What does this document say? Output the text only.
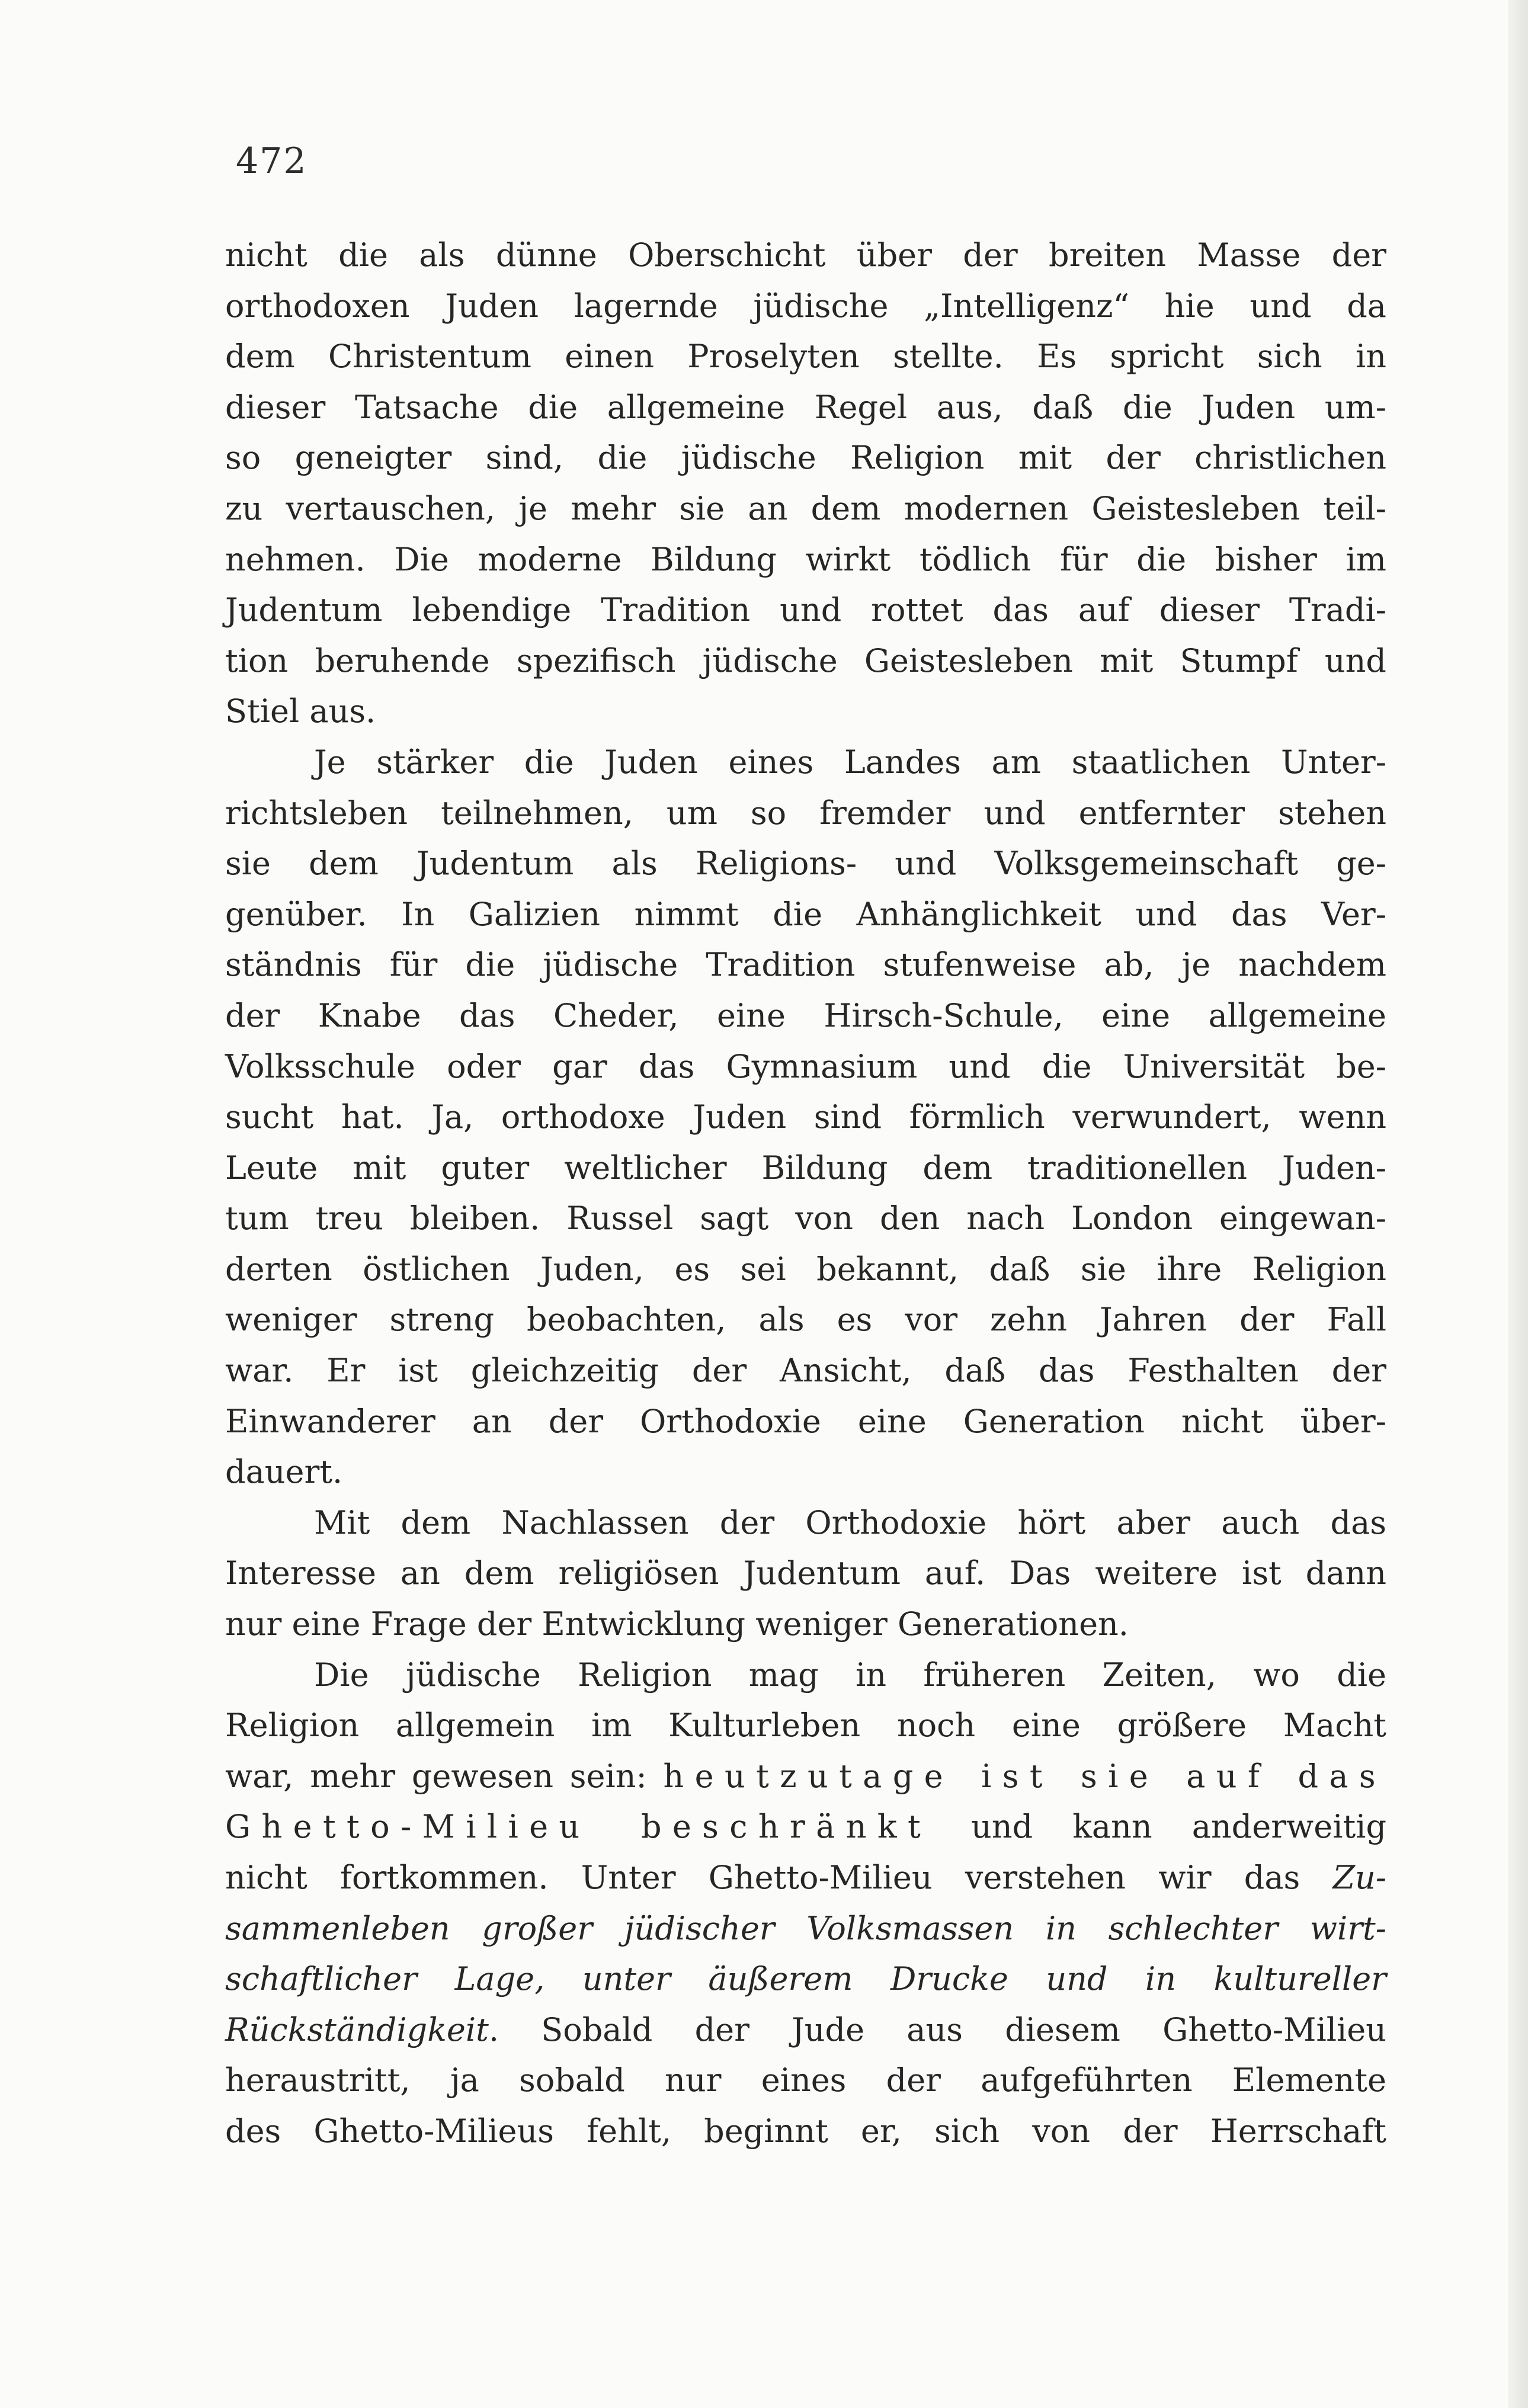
472
nicht die als dünne Oberschicht über der breiten Masse der
orthodoxen Juden lagernde jüdische „Intelligenz“ hie und da
dem Christentum einen Proselyten stellte. Es spricht sich in
dieser Tatsache die allgemeine Regel aus, daß die Juden um-
so geneigter sind, die jüdische Religion mit der christlichen
zu vertauschen, je mehr sie an dem modernen Geistesleben teil-
nehmen. Die moderne Bildung wirkt tödlich für die bisher im
Judentum lebendige Tradition und rottet das auf dieser Tradi-
tion beruhende spezifisch jüdische Geistesleben mit Stumpf und
Stiel aus.
Je stärker die Juden eines Landes am staatlichen Unter-
richtsleben teilnehmen, um so fremder und entfernter stehen
sie dem Judentum als Religions- und Volksgemeinschaft ge-
genüber. In Galizien nimmt die Anhänglichkeit und das Ver-
ständnis für die jüdische Tradition stufenweise ab, je nachdem
der Knabe das Cheder, eine Hirsch-Schule, eine allgemeine
Volksschule oder gar das Gymnasium und die Universität be-
sucht hat. Ja, orthodoxe Juden sind förmlich verwundert, wenn
Leute mit guter weltlicher Bildung dem traditionellen Juden-
tum treu bleiben. Russel sagt von den nach London eingewan-
derten östlichen Juden, es sei bekannt, daß sie ihre Religion
weniger streng beobachten, als es vor zehn Jahren der Fall
war. Er ist gleichzeitig der Ansicht, daß das Festhalten der
Einwanderer an der Orthodoxie eine Generation nicht über-
dauert.
Mit dem Nachlassen der Orthodoxie hört aber auch das
Interesse an dem religiösen Judentum auf. Das weitere ist dann
nur eine Frage der Entwicklung weniger Generationen.
Die jüdische Religion mag in früheren Zeiten, wo die
Religion allgemein im Kulturleben noch eine größere Macht
war, mehr gewesen sein: heutzutage ist sie auf das
Ghetto-Milieu beschränkt und kann anderweitig
nicht fortkommen. Unter Ghetto-Milieu verstehen wir das Zu-
sammenleben großer jüdischer Volksmassen in schlechter wirt-
schaftlicher Lage, unter äußerem Drucke und in kultureller
Rückständigkeit. Sobald der Jude aus diesem Ghetto-Milieu
heraustritt, ja sobald nur eines der aufgeführten Elemente
des Ghetto-Milieus fehlt, beginnt er, sich von der Herrschaft
